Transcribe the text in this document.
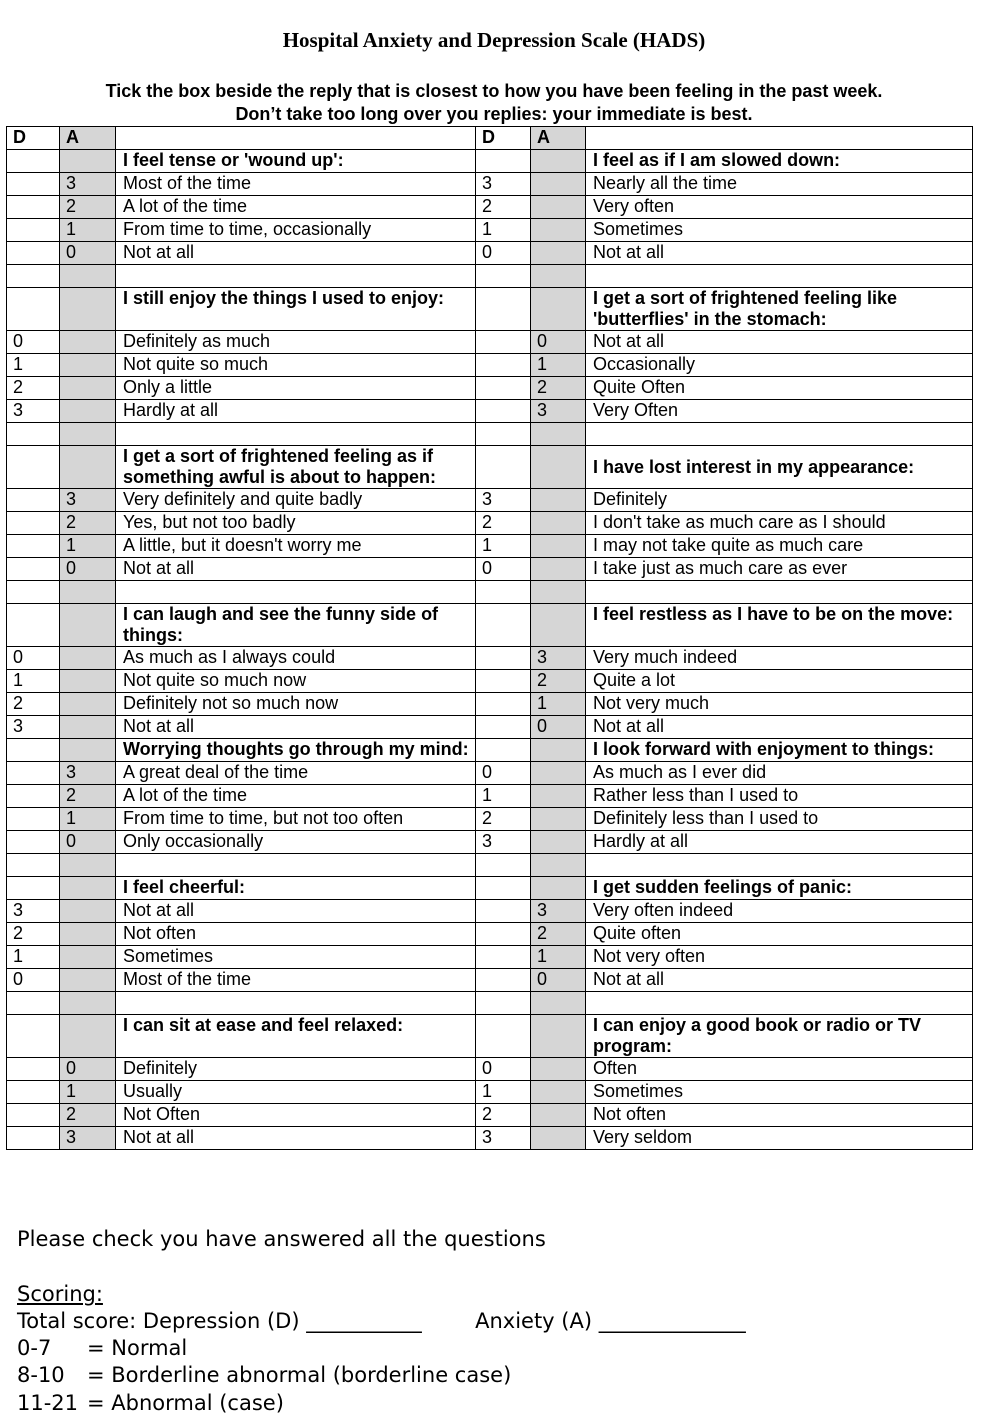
Hospital Anxiety and Depression Scale (HADS)
Tick the box beside the reply that is closest to how you have been feeling in the past week.
Don’t take too long over you replies: your immediate is best.
D	A		D	A	
		I feel tense or 'wound up':			I feel as if I am slowed down:
	3	Most of the time	3		Nearly all the time
	2	A lot of the time	2		Very often
	1	From time to time, occasionally	1		Sometimes
	0	Not at all	0		Not at all

		I still enjoy the things I used to enjoy:			I get a sort of frightened feeling like 'butterflies' in the stomach:
0		Definitely as much		0	Not at all
1		Not quite so much		1	Occasionally
2		Only a little		2	Quite Often
3		Hardly at all		3	Very Often

		I get a sort of frightened feeling as if something awful is about to happen:			I have lost interest in my appearance:
	3	Very definitely and quite badly	3		Definitely
	2	Yes, but not too badly	2		I don't take as much care as I should
	1	A little, but it doesn't worry me	1		I may not take quite as much care
	0	Not at all	0		I take just as much care as ever

		I can laugh and see the funny side of things:			I feel restless as I have to be on the move:
0		As much as I always could		3	Very much indeed
1		Not quite so much now		2	Quite a lot
2		Definitely not so much now		1	Not very much
3		Not at all		0	Not at all
		Worrying thoughts go through my mind:			I look forward with enjoyment to things:
	3	A great deal of the time	0		As much as I ever did
	2	A lot of the time	1		Rather less than I used to
	1	From time to time, but not too often	2		Definitely less than I used to
	0	Only occasionally	3		Hardly at all

		I feel cheerful:			I get sudden feelings of panic:
3		Not at all		3	Very often indeed
2		Not often		2	Quite often
1		Sometimes		1	Not very often
0		Most of the time		0	Not at all

		I can sit at ease and feel relaxed:			I can enjoy a good book or radio or TV program:
	0	Definitely	0		Often
	1	Usually	1		Sometimes
	2	Not Often	2		Not often
	3	Not at all	3		Very seldom
Please check you have answered all the questions
Scoring:
Total score: Depression (D) ___________        Anxiety (A) ______________
0-7 = Normal
8-10 = Borderline abnormal (borderline case)
11-21 = Abnormal (case)
